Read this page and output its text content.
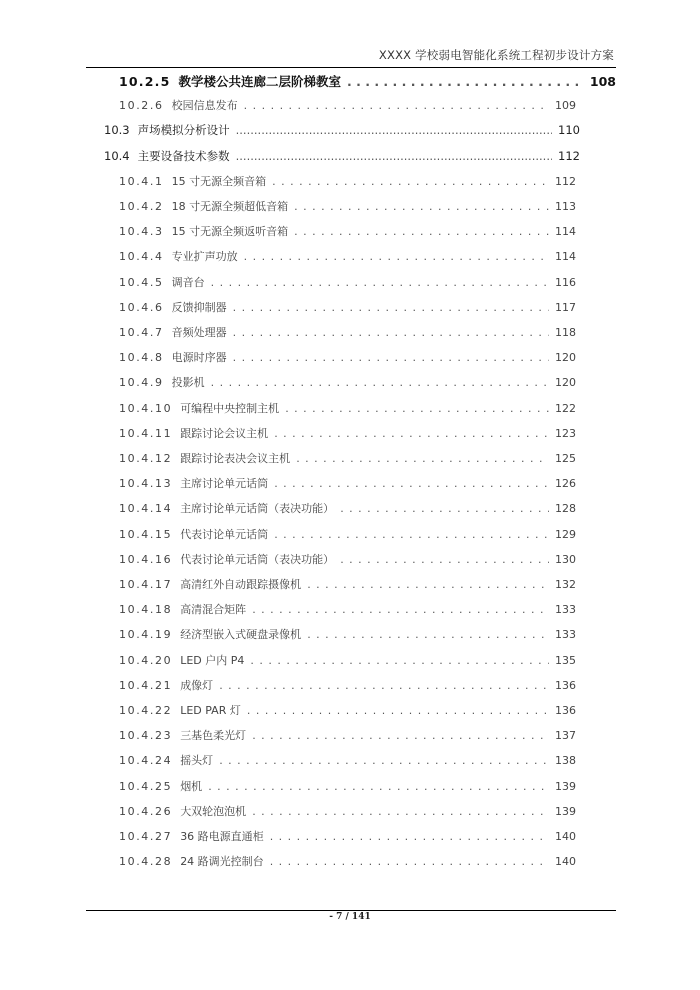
XXXX 学校弱电智能化系统工程初步设计方案
10.2.5 教学楼公共连廊二层阶梯教室 . . .	108
10.2.6 校园信息发布 . . .	109
10.3 声场模拟分析设计 .....	110
10.4 主要设备技术参数 .....	112
10.4.1 15 寸无源全频音箱 . . .	112
10.4.2 18 寸无源全频超低音箱 . . .	113
10.4.3 15 寸无源全频返听音箱 . . .	114
10.4.4 专业扩声功放 . . .	114
10.4.5 调音台 . . .	116
10.4.6 反馈抑制器 . . .	117
10.4.7 音频处理器 . . .	118
10.4.8 电源时序器 . . .	120
10.4.9 投影机 . . .	120
10.4.10 可编程中央控制主机 . . .	122
10.4.11 跟踪讨论会议主机 . . .	123
10.4.12 跟踪讨论表决会议主机 . . .	125
10.4.13 主席讨论单元话筒 . . .	126
10.4.14 主席讨论单元话筒（表决功能） . . .	128
10.4.15 代表讨论单元话筒 . . .	129
10.4.16 代表讨论单元话筒（表决功能） . . .	130
10.4.17 高清红外自动跟踪摄像机 . . .	132
10.4.18 高清混合矩阵 . . .	133
10.4.19 经济型嵌入式硬盘录像机 . . .	133
10.4.20 LED 户内 P4 . . .	135
10.4.21 成像灯 . . .	136
10.4.22 LED PAR 灯 . . .	136
10.4.23 三基色柔光灯 . . .	137
10.4.24 摇头灯 . . .	138
10.4.25 烟机 . . .	139
10.4.26 大双轮泡泡机 . . .	139
10.4.27 36 路电源直通柜 . . .	140
10.4.28 24 路调光控制台 . . .	140
- 7 / 141
